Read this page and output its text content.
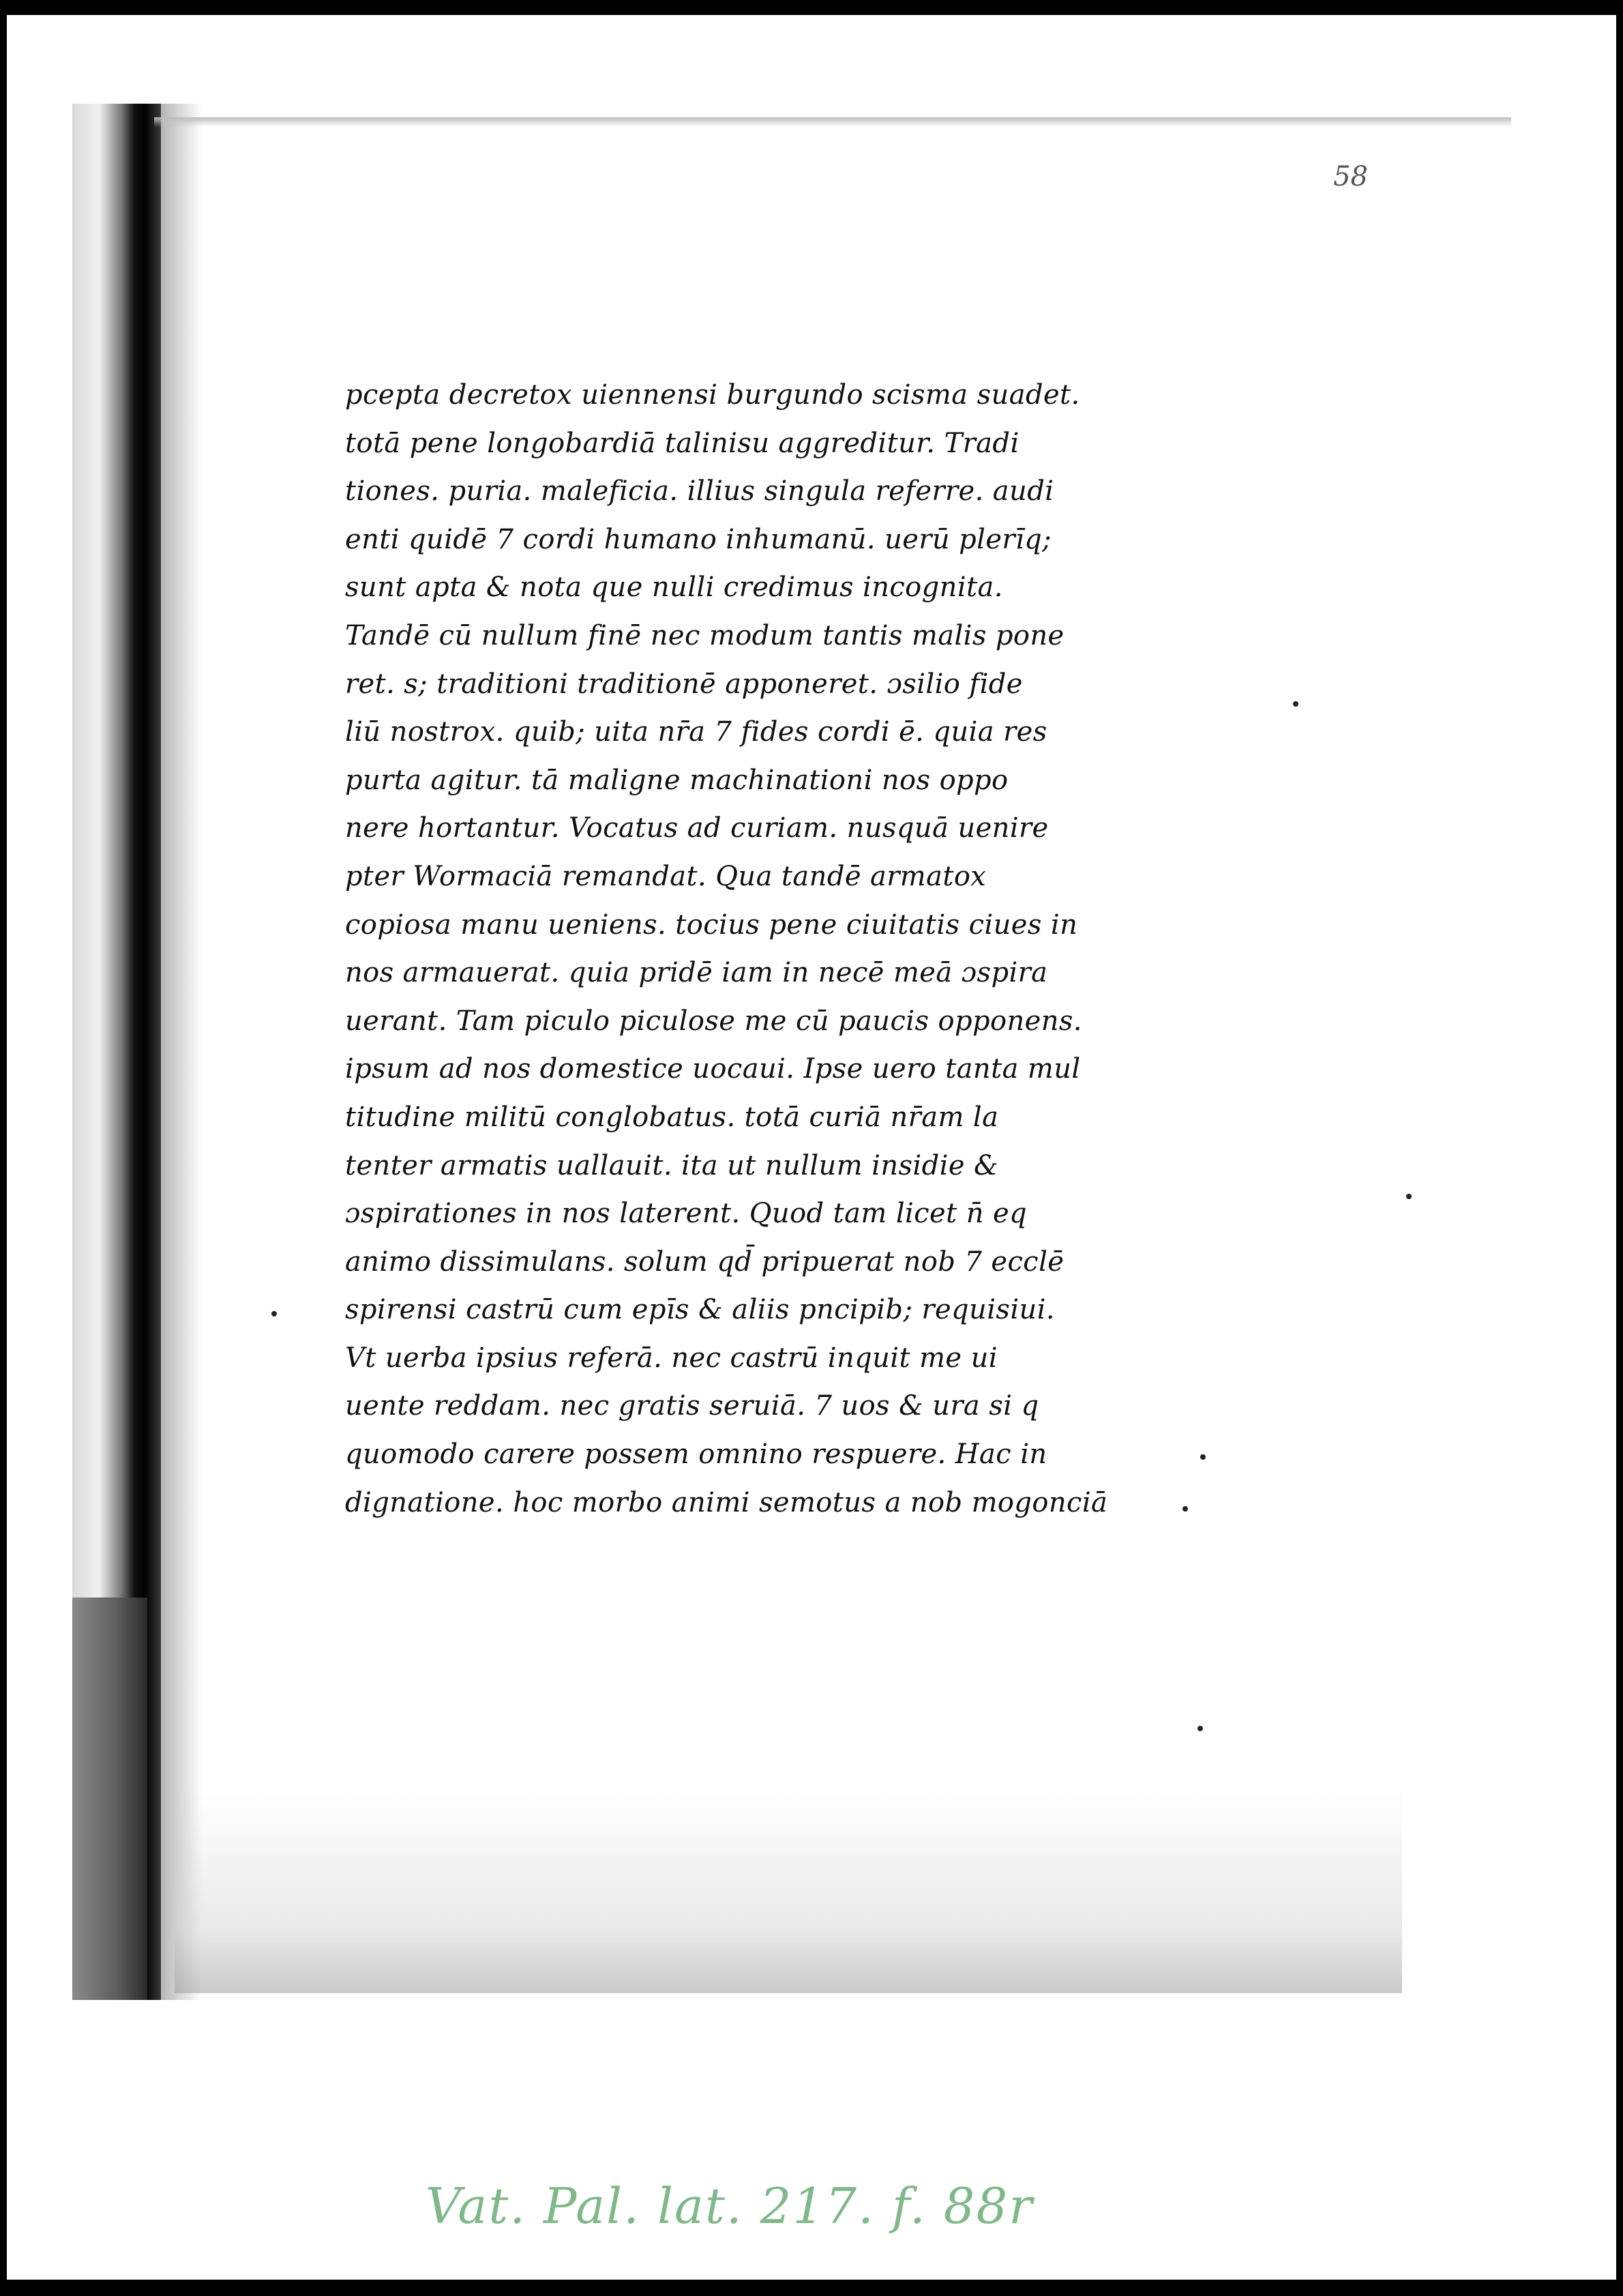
58
pcepta decretox uiennensi burgundo scisma suadet.
totā pene longobardiā talinisu aggreditur. Tradi
tiones. puria. maleficia. illius singula referre. audi
enti quidē 7 cordi humano inhumanū. uerū plerīq;
sunt apta & nota que nulli credimus incognita.
Tandē cū nullum finē nec modum tantis malis pone
ret. s; traditioni traditionē apponeret. ɔsilio fide
liū nostrox. quib; uita nr̄a 7 fides cordi ē. quia res
purta agitur. tā maligne machinationi nos oppo
nere hortantur. Vocatus ad curiam. nusquā uenire
pter Wormaciā remandat. Qua tandē armatox
copiosa manu ueniens. tocius pene ciuitatis ciues in
nos armauerat. quia pridē iam in necē meā ɔspira
uerant. Tam piculo piculose me cū paucis opponens.
ipsum ad nos domestice uocaui. Ipse uero tanta mul
titudine militū conglobatus. totā curiā nr̄am la
tenter armatis uallauit. ita ut nullum insidie &
ɔspirationes in nos laterent. Quod tam licet n̄ eq
animo dissimulans. solum qd̄ pripuerat nob 7 ecclē
spirensi castrū cum epīs & aliis pncipib; requisiui.
Vt uerba ipsius referā. nec castrū inquit me ui
uente reddam. nec gratis seruiā. 7 uos & ura si q
quomodo carere possem omnino respuere. Hac in
dignatione. hoc morbo animi semotus a nob mogonciā
Vat. Pal. lat. 217. f. 88r
